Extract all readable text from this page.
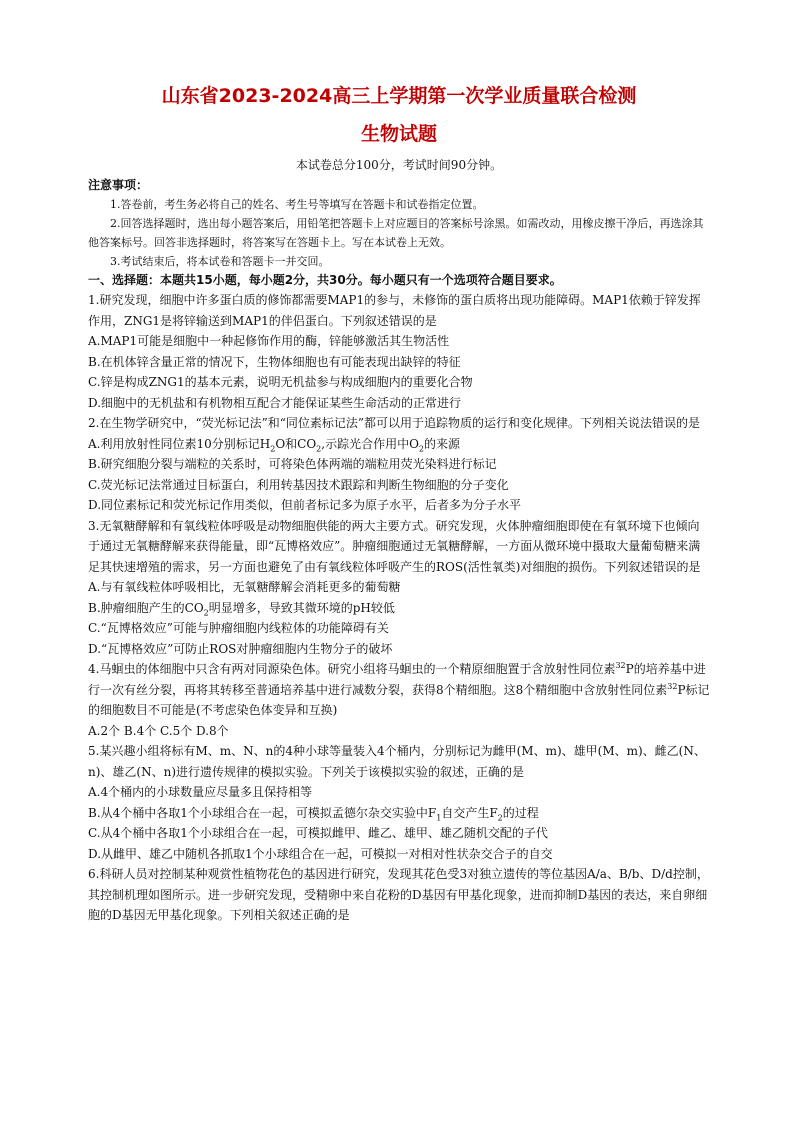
山东省2023-2024高三上学期第一次学业质量联合检测
生物试题
本试卷总分100分，考试时间90分钟。
注意事项：
1.答卷前，考生务必将自己的姓名、考生号等填写在答题卡和试卷指定位置。
2.回答选择题时，选出每小题答案后，用铅笔把答题卡上对应题目的答案标号涂黑。如需改动，用橡皮擦干净后，再选涂其他答案标号。回答非选择题时，将答案写在答题卡上。写在本试卷上无效。
3.考试结束后，将本试卷和答题卡一并交回。
一、选择题：本题共15小题，每小题2分，共30分。每小题只有一个选项符合题目要求。
1.研究发现，细胞中许多蛋白质的修饰都需要MAP1的参与，未修饰的蛋白质将出现功能障碍。MAP1依赖于锌发挥作用，ZNG1是将锌输送到MAP1的伴侣蛋白。下列叙述错误的是
A.MAP1可能是细胞中一种起修饰作用的酶，锌能够激活其生物活性
B.在机体锌含量正常的情况下，生物体细胞也有可能表现出缺锌的特征
C.锌是构成ZNG1的基本元素，说明无机盐参与构成细胞内的重要化合物
D.细胞中的无机盐和有机物相互配合才能保证某些生命活动的正常进行
2.在生物学研究中，“荧光标记法”和“同位素标记法”都可以用于追踪物质的运行和变化规律。下列相关说法错误的是
A.利用放射性同位素10分别标记$H_2O$和$CO_2$,示踪光合作用中$O_2$的来源
B.研究细胞分裂与端粒的关系时，可将染色体两端的端粒用荧光染料进行标记
C.荧光标记法常通过目标蛋白，利用转基因技术跟踪和判断生物细胞的分子变化
D.同位素标记和荧光标记作用类似，但前者标记多为原子水平，后者多为分子水平
3.无氧糖酵解和有氧线粒体呼吸是动物细胞供能的两大主要方式。研究发现，火体肿瘤细胞即使在有氧环境下也倾向于通过无氧糖酵解来获得能量，即“瓦博格效应”。肿瘤细胞通过无氧糖酵解，一方面从微环境中摄取大量葡萄糖来满足其快速增殖的需求，另一方面也避免了由有氧线粒体呼吸产生的ROS(活性氧类)对细胞的损伤。下列叙述错误的是
A.与有氧线粒体呼吸相比，无氧糖酵解会消耗更多的葡萄糖
B.肿瘤细胞产生的$CO_2$明显增多，导致其微环境的pH较低
C.“瓦博格效应”可能与肿瘤细胞内线粒体的功能障碍有关
D.“瓦博格效应”可防止ROS对肿瘤细胞内生物分子的破坏
4.马蛔虫的体细胞中只含有两对同源染色体。研究小组将马蛔虫的一个精原细胞置于含放射性同位素$^{32}$P的培养基中进行一次有丝分裂，再将其转移至普通培养基中进行减数分裂，获得8个精细胞。这8个精细胞中含放射性同位素$^{32}$P标记的细胞数目不可能是(不考虑染色体变异和互换)
A.2个 B.4个 C.5个 D.8个
5.某兴趣小组将标有M、m、N、n的4种小球等量装入4个桶内，分别标记为雌甲(M、m)、雄甲(M、m)、雌乙(N、n)、雄乙(N、n)进行遗传规律的模拟实验。下列关于该模拟实验的叙述，正确的是
A.4个桶内的小球数量应尽量多且保持相等
B.从4个桶中各取1个小球组合在一起，可模拟孟德尔杂交实验中$F_1$自交产生$F_2$的过程
C.从4个桶中各取1个小球组合在一起，可模拟雌甲、雌乙、雄甲、雄乙随机交配的子代
D.从雌甲、雄乙中随机各抓取1个小球组合在一起，可模拟一对相对性状杂交合子的自交
6.科研人员对控制某种观赏性植物花色的基因进行研究，发现其花色受3对独立遗传的等位基因A/a、B/b、D/d控制，其控制机理如图所示。进一步研究发现，受精卵中来自花粉的D基因有甲基化现象，进而抑制D基因的表达，来自卵细胞的D基因无甲基化现象。下列相关叙述正确的是
